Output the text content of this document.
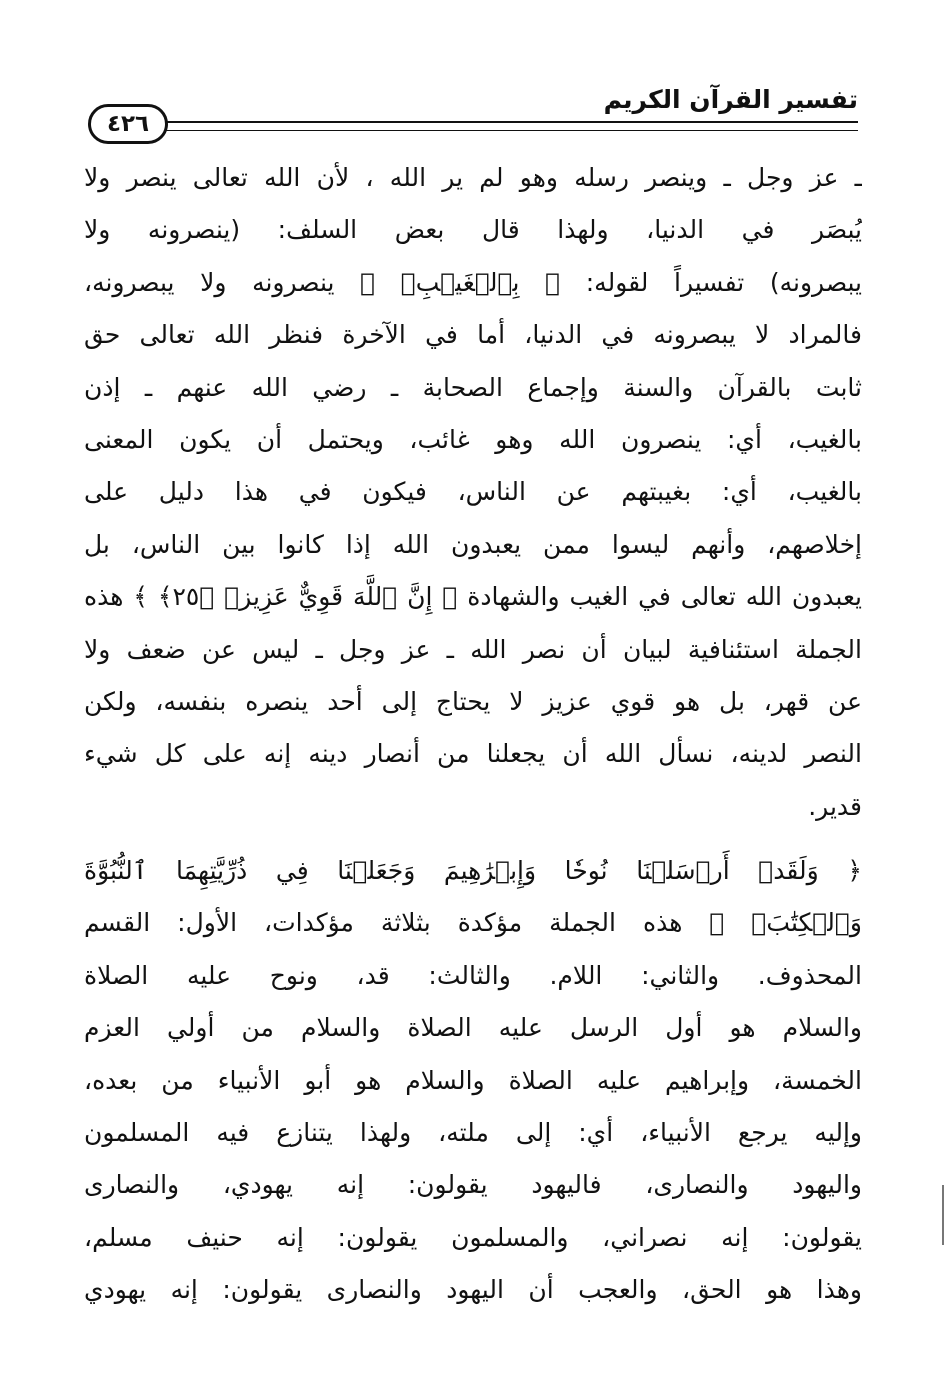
تفسير القرآن الكريم
٤٢٦
ـ عز وجل ـ وينصر رسله وهو لم ير الله ، لأن الله تعالى ينصر ولا
يُبصَر في الدنيا، ولهذا قال بعض السلف: (ينصرونه ولا
يبصرونه) تفسيراً لقوله: ﴿ بِٱلۡغَيۡبِۚ ﴾ ينصرونه ولا يبصرونه،
فالمراد لا يبصرونه في الدنيا، أما في الآخرة فنظر الله تعالى حق
ثابت بالقرآن والسنة وإجماع الصحابة ـ رضي الله عنهم ـ إذن
بالغيب، أي: ينصرون الله وهو غائب، ويحتمل أن يكون المعنى
بالغيب، أي: بغيبتهم عن الناس، فيكون في هذا دليل على
إخلاصهم، وأنهم ليسوا ممن يعبدون الله إذا كانوا بين الناس، بل
يعبدون الله تعالى في الغيب والشهادة ﴿ إِنَّ ٱللَّهَ قَوِيٌّ عَزِيزٞ ﴿٢٥﴾ ﴾ هذه
الجملة استئنافية لبيان أن نصر الله ـ عز وجل ـ ليس عن ضعف ولا
عن قهر، بل هو قوي عزيز لا يحتاج إلى أحد ينصره بنفسه، ولكن
النصر لدينه، نسأل الله أن يجعلنا من أنصار دينه إنه على كل شيء
قدير.
﴿ وَلَقَدۡ أَرۡسَلۡنَا نُوحٗا وَإِبۡرَٰهِيمَ وَجَعَلۡنَا فِي ذُرِّيَّتِهِمَا ٱلنُّبُوَّةَ
وَٱلۡكِتَٰبَۖ ﴾ هذه الجملة مؤكدة بثلاثة مؤكدات، الأول: القسم
المحذوف. والثاني: اللام. والثالث: قد، ونوح عليه الصلاة
والسلام هو أول الرسل عليه الصلاة والسلام من أولي العزم
الخمسة، وإبراهيم عليه الصلاة والسلام هو أبو الأنبياء من بعده،
وإليه يرجع الأنبياء، أي: إلى ملته، ولهذا يتنازع فيه المسلمون
واليهود والنصارى، فاليهود يقولون: إنه يهودي، والنصارى
يقولون: إنه نصراني، والمسلمون يقولون: إنه حنيف مسلم،
وهذا هو الحق، والعجب أن اليهود والنصارى يقولون: إنه يهودي
